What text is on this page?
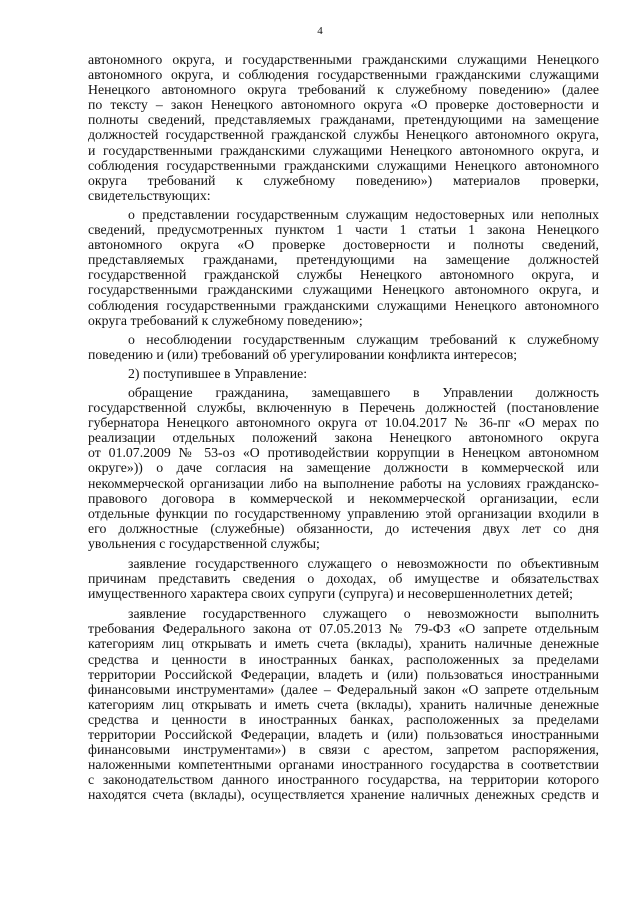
4
автономного округа, и государственными гражданскими служащими Ненецкого
автономного округа, и соблюдения государственными гражданскими служащими
Ненецкого автономного округа требований к служебному поведению» (далее
по тексту – закон Ненецкого автономного округа «О проверке достоверности и
полноты сведений, представляемых гражданами, претендующими на замещение
должностей государственной гражданской службы Ненецкого автономного округа,
и государственными гражданскими служащими Ненецкого автономного округа, и
соблюдения государственными гражданскими служащими Ненецкого автономного
округа требований к служебному поведению») материалов проверки,
свидетельствующих:
о представлении государственным служащим недостоверных или неполных
сведений, предусмотренных пунктом 1 части 1 статьи 1 закона Ненецкого
автономного округа «О проверке достоверности и полноты сведений,
представляемых гражданами, претендующими на замещение должностей
государственной гражданской службы Ненецкого автономного округа, и
государственными гражданскими служащими Ненецкого автономного округа, и
соблюдения государственными гражданскими служащими Ненецкого автономного
округа требований к служебному поведению»;
о несоблюдении государственным служащим требований к служебному
поведению и (или) требований об урегулировании конфликта интересов;
2) поступившее в Управление:
обращение гражданина, замещавшего в Управлении должность
государственной службы, включенную в Перечень должностей (постановление
губернатора Ненецкого автономного округа от 10.04.2017 № 36-пг «О мерах по
реализации отдельных положений закона Ненецкого автономного округа
от 01.07.2009 № 53-оз «О противодействии коррупции в Ненецком автономном
округе»)) о даче согласия на замещение должности в коммерческой или
некоммерческой организации либо на выполнение работы на условиях гражданско-
правового договора в коммерческой и некоммерческой организации, если
отдельные функции по государственному управлению этой организации входили в
его должностные (служебные) обязанности, до истечения двух лет со дня
увольнения с государственной службы;
заявление государственного служащего о невозможности по объективным
причинам представить сведения о доходах, об имуществе и обязательствах
имущественного характера своих супруги (супруга) и несовершеннолетних детей;
заявление государственного служащего о невозможности выполнить
требования Федерального закона от 07.05.2013 № 79-ФЗ «О запрете отдельным
категориям лиц открывать и иметь счета (вклады), хранить наличные денежные
средства и ценности в иностранных банках, расположенных за пределами
территории Российской Федерации, владеть и (или) пользоваться иностранными
финансовыми инструментами» (далее – Федеральный закон «О запрете отдельным
категориям лиц открывать и иметь счета (вклады), хранить наличные денежные
средства и ценности в иностранных банках, расположенных за пределами
территории Российской Федерации, владеть и (или) пользоваться иностранными
финансовыми инструментами») в связи с арестом, запретом распоряжения,
наложенными компетентными органами иностранного государства в соответствии
с законодательством данного иностранного государства, на территории которого
находятся счета (вклады), осуществляется хранение наличных денежных средств и
